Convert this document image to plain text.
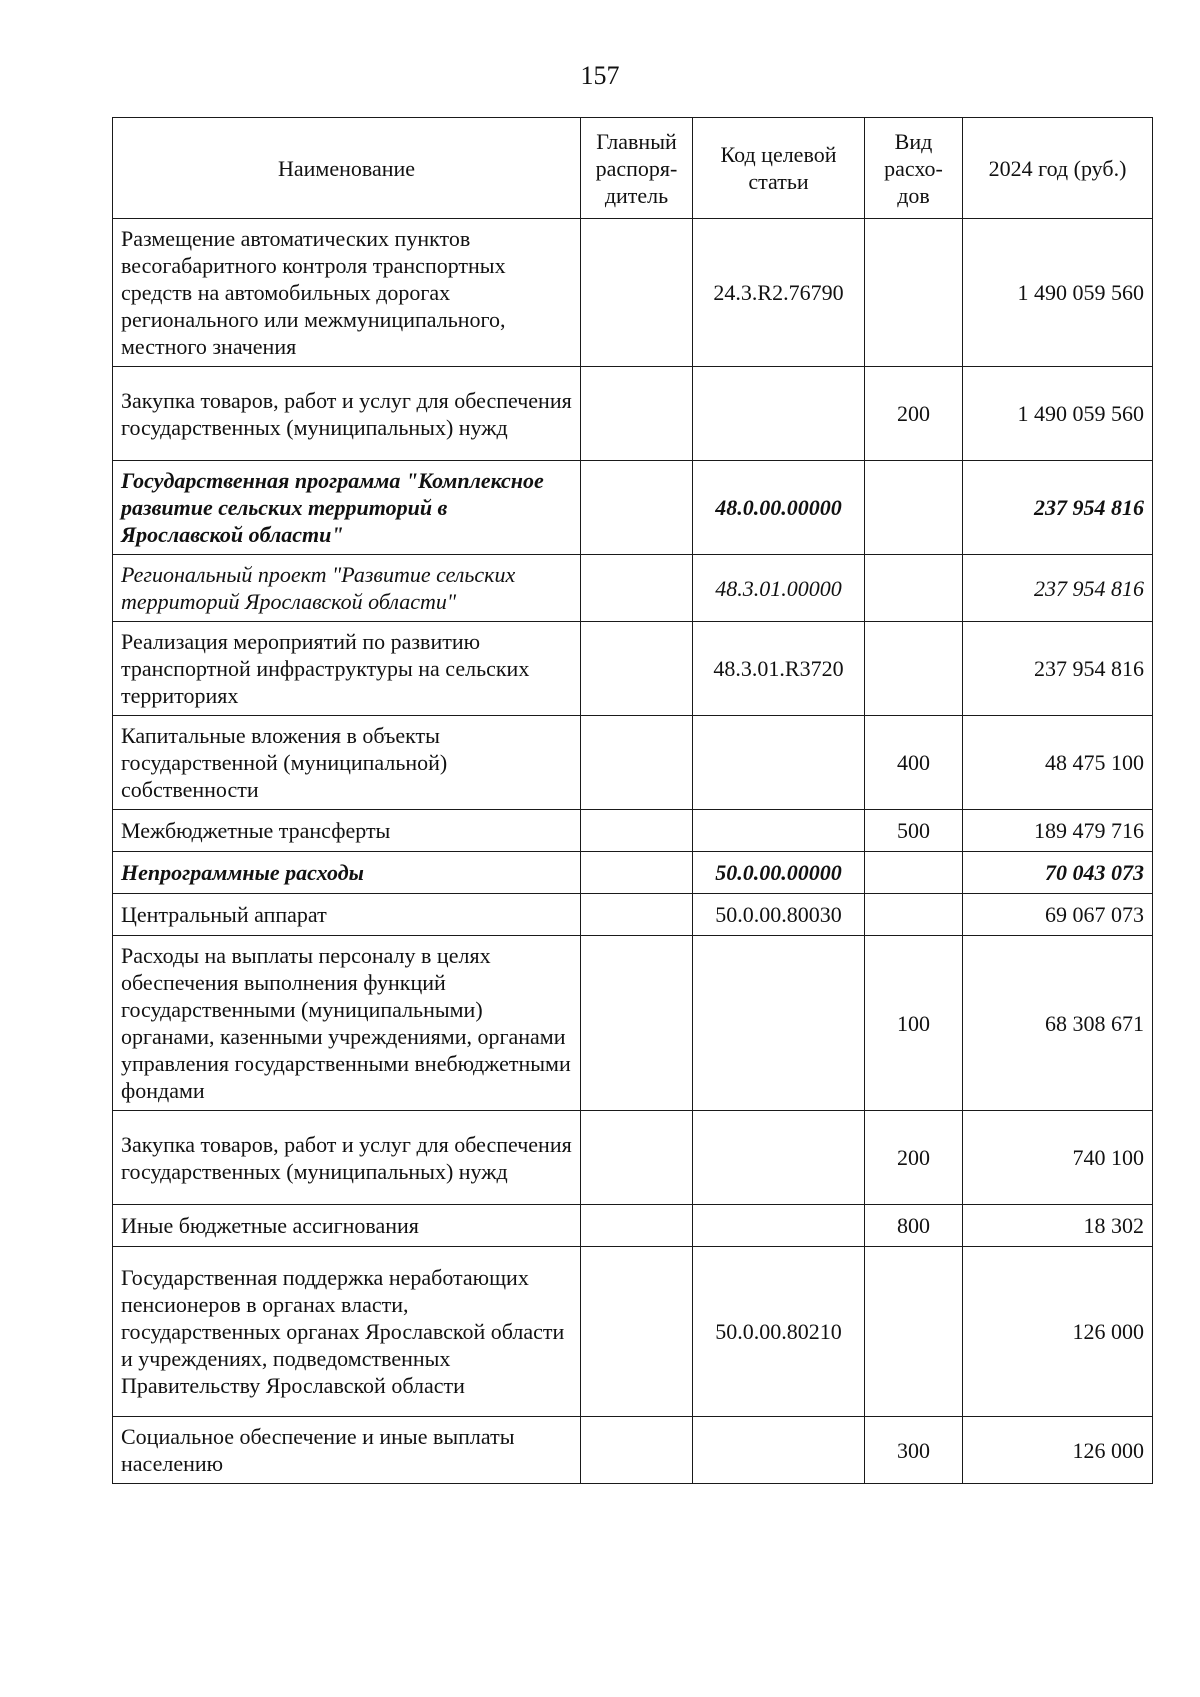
157
Наименование	Главный распоря-дитель	Код целевой статьи	Вид расхо-дов	2024 год (руб.)
Размещение автоматических пунктов весогабаритного контроля транспортных средств на автомобильных дорогах регионального или межмуниципального, местного значения		24.3.R2.76790		1 490 059 560
Закупка товаров, работ и услуг для обеспечения государственных (муниципальных) нужд			200	1 490 059 560
Государственная программа "Комплексное развитие сельских территорий в Ярославской области"		48.0.00.00000		237 954 816
Региональный проект "Развитие сельских территорий Ярославской области"		48.3.01.00000		237 954 816
Реализация мероприятий по развитию транспортной инфраструктуры на сельских территориях		48.3.01.R3720		237 954 816
Капитальные вложения в объекты государственной (муниципальной) собственности			400	48 475 100
Межбюджетные трансферты			500	189 479 716
Непрограммные расходы		50.0.00.00000		70 043 073
Центральный аппарат		50.0.00.80030		69 067 073
Расходы на выплаты персоналу в целях обеспечения выполнения функций государственными (муниципальными) органами, казенными учреждениями, органами управления государственными внебюджетными фондами			100	68 308 671
Закупка товаров, работ и услуг для обеспечения государственных (муниципальных) нужд			200	740 100
Иные бюджетные ассигнования			800	18 302
Государственная поддержка неработающих пенсионеров в органах власти, государственных органах Ярославской области и учреждениях, подведомственных Правительству Ярославской области		50.0.00.80210		126 000
Социальное обеспечение и иные выплаты населению			300	126 000
